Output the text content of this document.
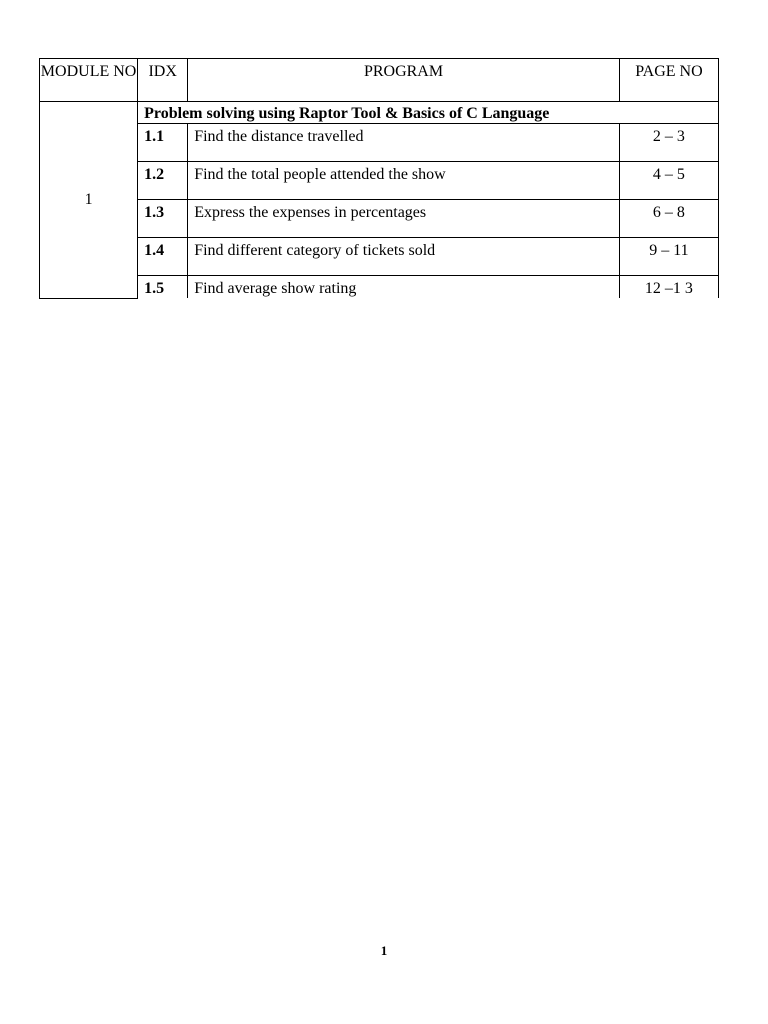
MODULE NO	IDX	PROGRAM	PAGE NO
1	Problem solving using Raptor Tool & Basics of C Language		
	1.1	Find the distance travelled	2 – 3
	1.2	Find the total people attended the show	4 – 5
	1.3	Express the expenses in percentages	6 – 8
	1.4	Find different category of tickets sold	9 – 11
	1.5	Find average show rating	12 –1 3
1
